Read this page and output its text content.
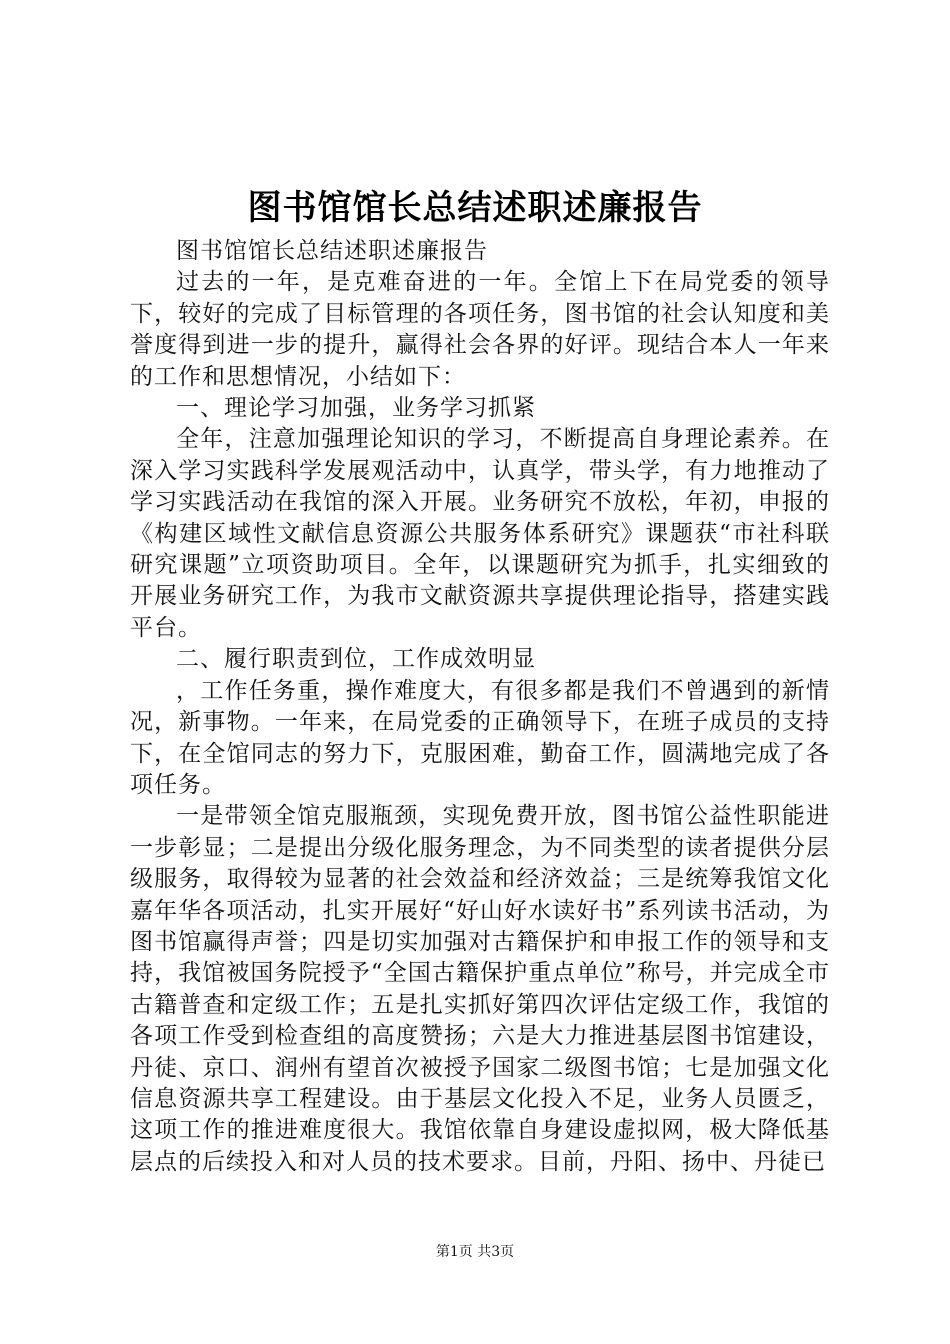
图书馆馆长总结述职述廉报告

图书馆馆长总结述职述廉报告

过去的一年，是克难奋进的一年。全馆上下在局党委的领导下，较好的完成了目标管理的各项任务，图书馆的社会认知度和美誉度得到进一步的提升，赢得社会各界的好评。现结合本人一年来的工作和思想情况，小结如下：

一、理论学习加强，业务学习抓紧

全年，注意加强理论知识的学习，不断提高自身理论素养。在深入学习实践科学发展观活动中，认真学，带头学，有力地推动了学习实践活动在我馆的深入开展。业务研究不放松，年初，申报的《构建区域性文献信息资源公共服务体系研究》课题获“市社科联研究课题”立项资助项目。全年，以课题研究为抓手，扎实细致的开展业务研究工作，为我市文献资源共享提供理论指导，搭建实践平台。

二、履行职责到位，工作成效明显

，工作任务重，操作难度大，有很多都是我们不曾遇到的新情况，新事物。一年来，在局党委的正确领导下，在班子成员的支持下，在全馆同志的努力下，克服困难，勤奋工作，圆满地完成了各项任务。

一是带领全馆克服瓶颈，实现免费开放，图书馆公益性职能进一步彰显；二是提出分级化服务理念，为不同类型的读者提供分层级服务，取得较为显著的社会效益和经济效益；三是统筹我馆文化嘉年华各项活动，扎实开展好“好山好水读好书”系列读书活动，为图书馆赢得声誉；四是切实加强对古籍保护和申报工作的领导和支持，我馆被国务院授予“全国古籍保护重点单位”称号，并完成全市古籍普查和定级工作；五是扎实抓好第四次评估定级工作，我馆的各项工作受到检查组的高度赞扬；六是大力推进基层图书馆建设，丹徒、京口、润州有望首次被授予国家二级图书馆；七是加强文化信息资源共享工程建设。由于基层文化投入不足，业务人员匮乏，这项工作的推进难度很大。我馆依靠自身建设虚拟网，极大降低基层点的后续投入和对人员的技术要求。目前，丹阳、扬中、丹徒已

第1页 共3页
